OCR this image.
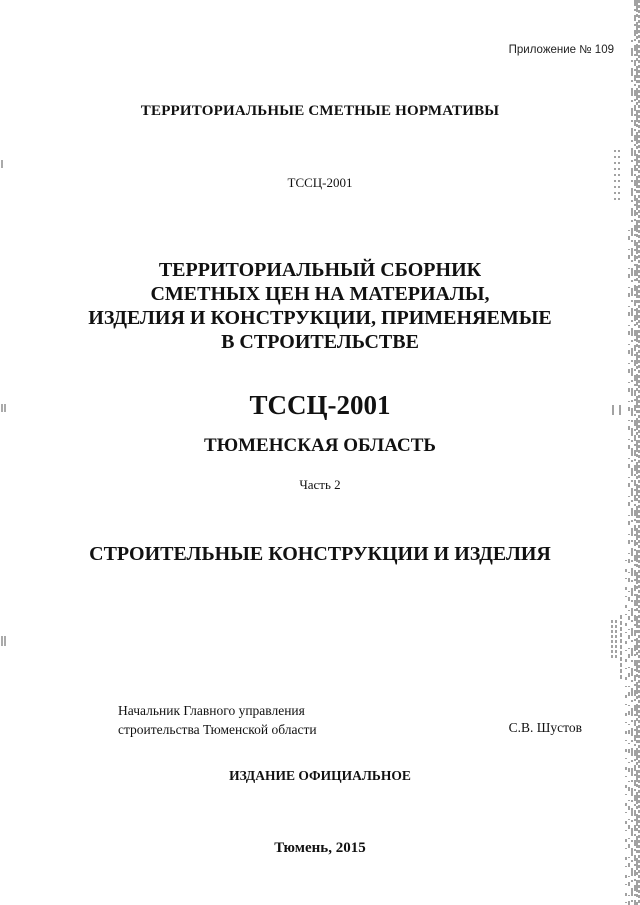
Приложение № 109
ТЕРРИТОРИАЛЬНЫЕ СМЕТНЫЕ НОРМАТИВЫ
ТССЦ-2001
ТЕРРИТОРИАЛЬНЫЙ СБОРНИК
СМЕТНЫХ ЦЕН НА МАТЕРИАЛЫ,
ИЗДЕЛИЯ И КОНСТРУКЦИИ, ПРИМЕНЯЕМЫЕ
В СТРОИТЕЛЬСТВЕ
ТССЦ-2001
ТЮМЕНСКАЯ ОБЛАСТЬ
Часть 2
СТРОИТЕЛЬНЫЕ КОНСТРУКЦИИ И ИЗДЕЛИЯ
Начальник Главного управления
строительства Тюменской области	С.В. Шустов
ИЗДАНИЕ ОФИЦИАЛЬНОЕ
Тюмень, 2015
